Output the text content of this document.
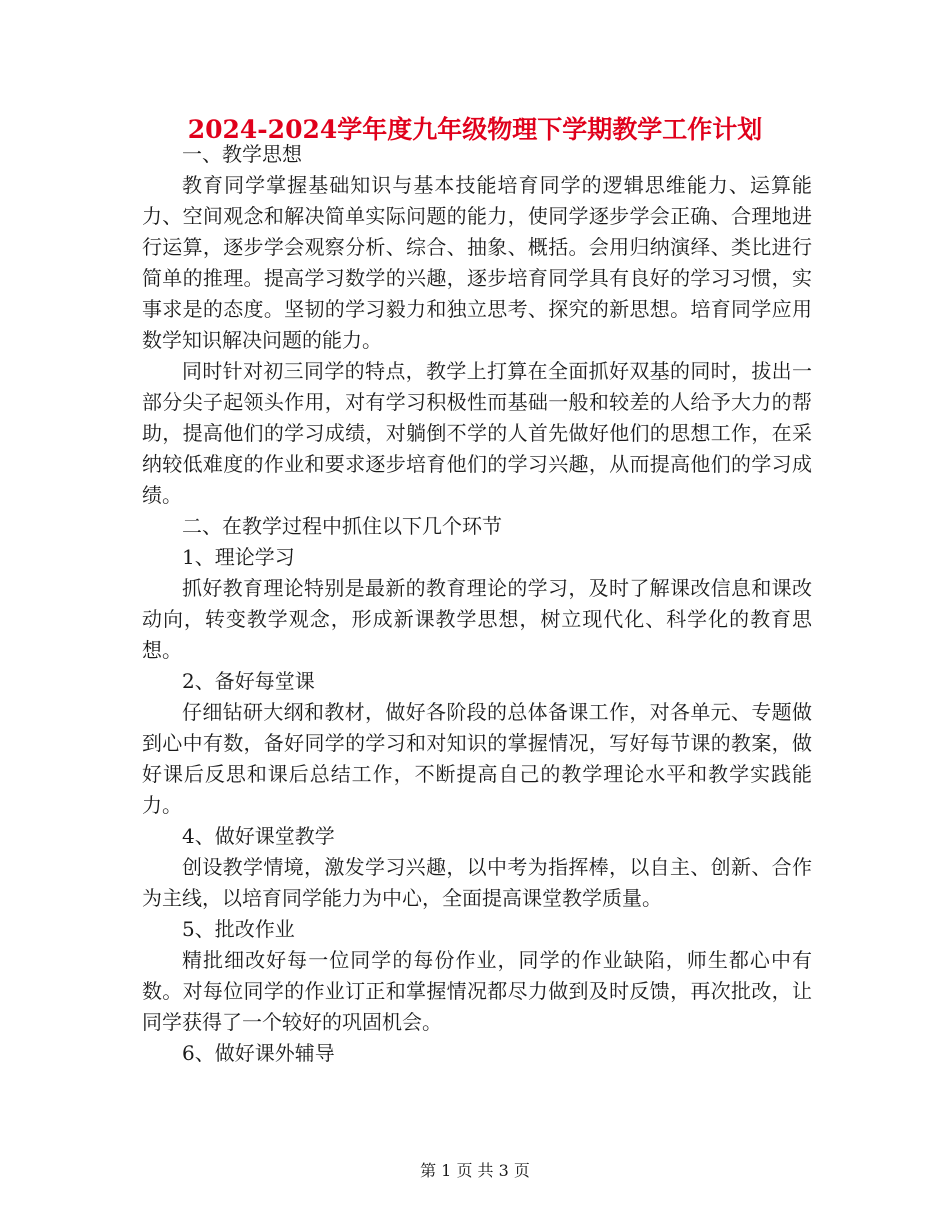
2024-2024学年度九年级物理下学期教学工作计划

一、教学思想

教育同学掌握基础知识与基本技能培育同学的逻辑思维能力、运算能力、空间观念和解决简单实际问题的能力，使同学逐步学会正确、合理地进行运算，逐步学会观察分析、综合、抽象、概括。会用归纳演绎、类比进行简单的推理。提高学习数学的兴趣，逐步培育同学具有良好的学习习惯，实事求是的态度。坚韧的学习毅力和独立思考、探究的新思想。培育同学应用数学知识解决问题的能力。

同时针对初三同学的特点，教学上打算在全面抓好双基的同时，拔出一部分尖子起领头作用，对有学习积极性而基础一般和较差的人给予大力的帮助，提高他们的学习成绩，对躺倒不学的人首先做好他们的思想工作，在采纳较低难度的作业和要求逐步培育他们的学习兴趣，从而提高他们的学习成绩。

二、在教学过程中抓住以下几个环节

1、理论学习

抓好教育理论特别是最新的教育理论的学习，及时了解课改信息和课改动向，转变教学观念，形成新课教学思想，树立现代化、科学化的教育思想。

2、备好每堂课

仔细钻研大纲和教材，做好各阶段的总体备课工作，对各单元、专题做到心中有数，备好同学的学习和对知识的掌握情况，写好每节课的教案，做好课后反思和课后总结工作，不断提高自己的教学理论水平和教学实践能力。

4、做好课堂教学

创设教学情境，激发学习兴趣，以中考为指挥棒，以自主、创新、合作为主线，以培育同学能力为中心，全面提高课堂教学质量。

5、批改作业

精批细改好每一位同学的每份作业，同学的作业缺陷，师生都心中有数。对每位同学的作业订正和掌握情况都尽力做到及时反馈，再次批改，让同学获得了一个较好的巩固机会。

6、做好课外辅导

第 1 页 共 3 页
